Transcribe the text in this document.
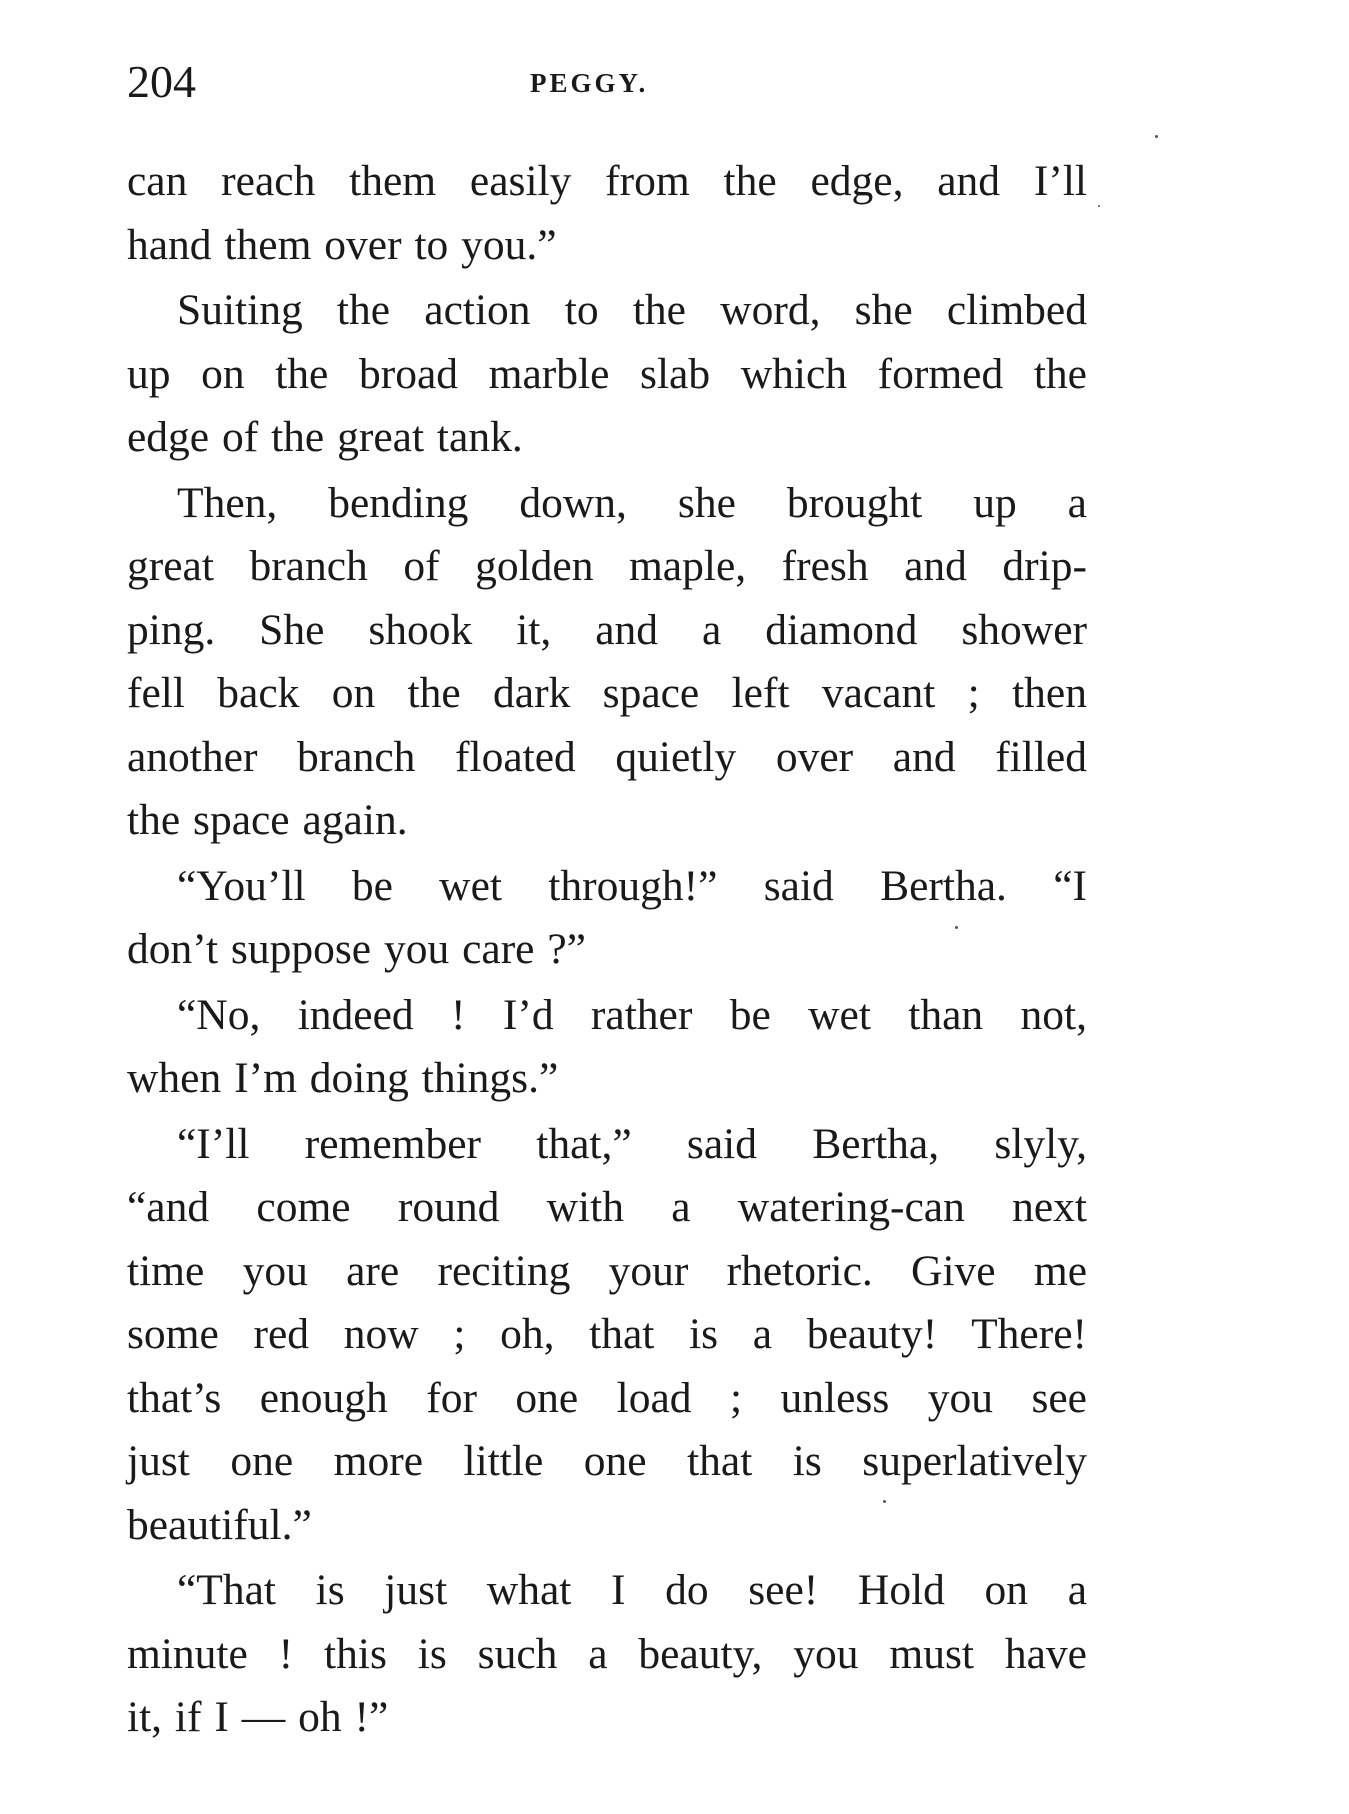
204	PEGGY.

can reach them easily from the edge, and I’ll
hand them over to you.”

Suiting the action to the word, she climbed
up on the broad marble slab which formed the
edge of the great tank.

Then, bending down, she brought up a
great branch of golden maple, fresh and drip-
ping. She shook it, and a diamond shower
fell back on the dark space left vacant ; then
another branch floated quietly over and filled
the space again.

“You’ll be wet through!” said Bertha. “I
don’t suppose you care ?”

“No, indeed ! I’d rather be wet than not,
when I’m doing things.”

“I’ll remember that,” said Bertha, slyly,
“and come round with a watering-can next
time you are reciting your rhetoric. Give me
some red now ; oh, that is a beauty! There!
that’s enough for one load ; unless you see
just one more little one that is superlatively
beautiful.”

“That is just what I do see! Hold on a
minute ! this is such a beauty, you must have
it, if I — oh !”
